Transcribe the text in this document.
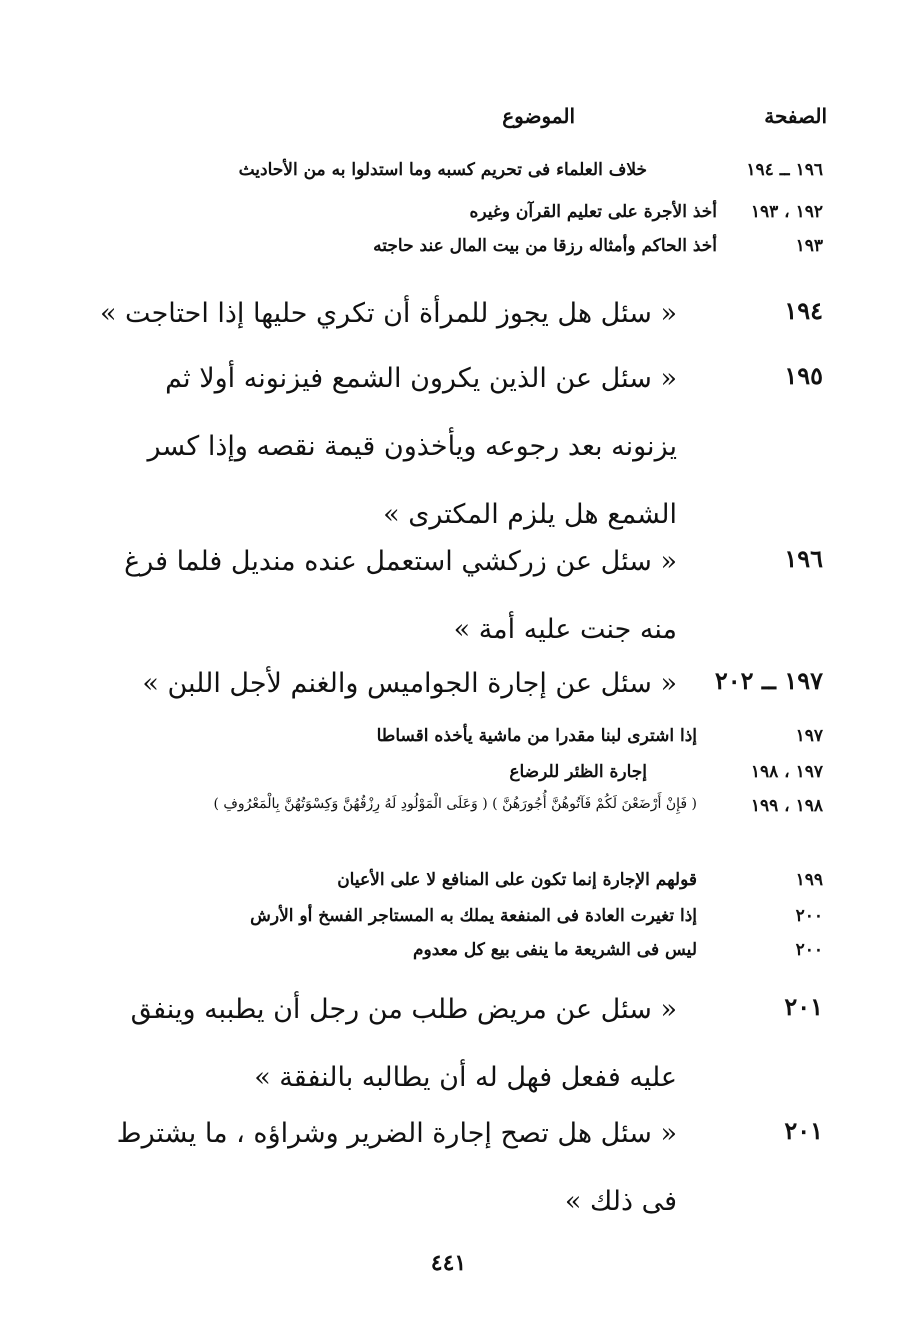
الصفحة
الموضوع
١٩٦ ــ ١٩٤
خلاف العلماء فى تحريم كسبه وما استدلوا به من الأحاديث
١٩٢ ، ١٩٣
أخذ الأجرة على تعليم القرآن وغيره
١٩٣
أخذ الحاكم وأمثاله رزقا من بيت المال عند حاجته
١٩٤
« سئل هل يجوز للمرأة أن تكري حليها إذا احتاجت »
١٩٥
« سئل عن الذين يكرون الشمع فيزنونه أولا ثم يزنونه بعد رجوعه ويأخذون قيمة نقصه وإذا كسر الشمع هل يلزم المكترى »
١٩٦
« سئل عن زركشي استعمل عنده منديل فلما فرغ منه جنت عليه أمة »
١٩٧ ــ ٢٠٢
« سئل عن إجارة الجواميس والغنم لأجل اللبن »
١٩٧
إذا اشترى لبنا مقدرا من ماشية يأخذه اقساطا
١٩٧ ، ١٩٨
إجارة الظئر للرضاع
١٩٨ ، ١٩٩
( فَإِنْ أَرْضَعْنَ لَكُمْ فَآتُوهُنَّ أُجُورَهُنَّ ) ( وَعَلَى الْمَوْلُودِ لَهُ رِزْقُهُنَّ وَكِسْوَتُهُنَّ بِالْمَعْرُوفِ )
١٩٩
قولهم الإجارة إنما تكون على المنافع لا على الأعيان
٢٠٠
إذا تغيرت العادة فى المنفعة يملك به المستاجر الفسخ أو الأرش
٢٠٠
ليس فى الشريعة ما ينفى بيع كل معدوم
٢٠١
« سئل عن مريض طلب من رجل أن يطببه وينفق عليه ففعل فهل له أن يطالبه بالنفقة »
٢٠١
« سئل هل تصح إجارة الضرير وشراؤه ، ما يشترط فى ذلك »
٤٤١
